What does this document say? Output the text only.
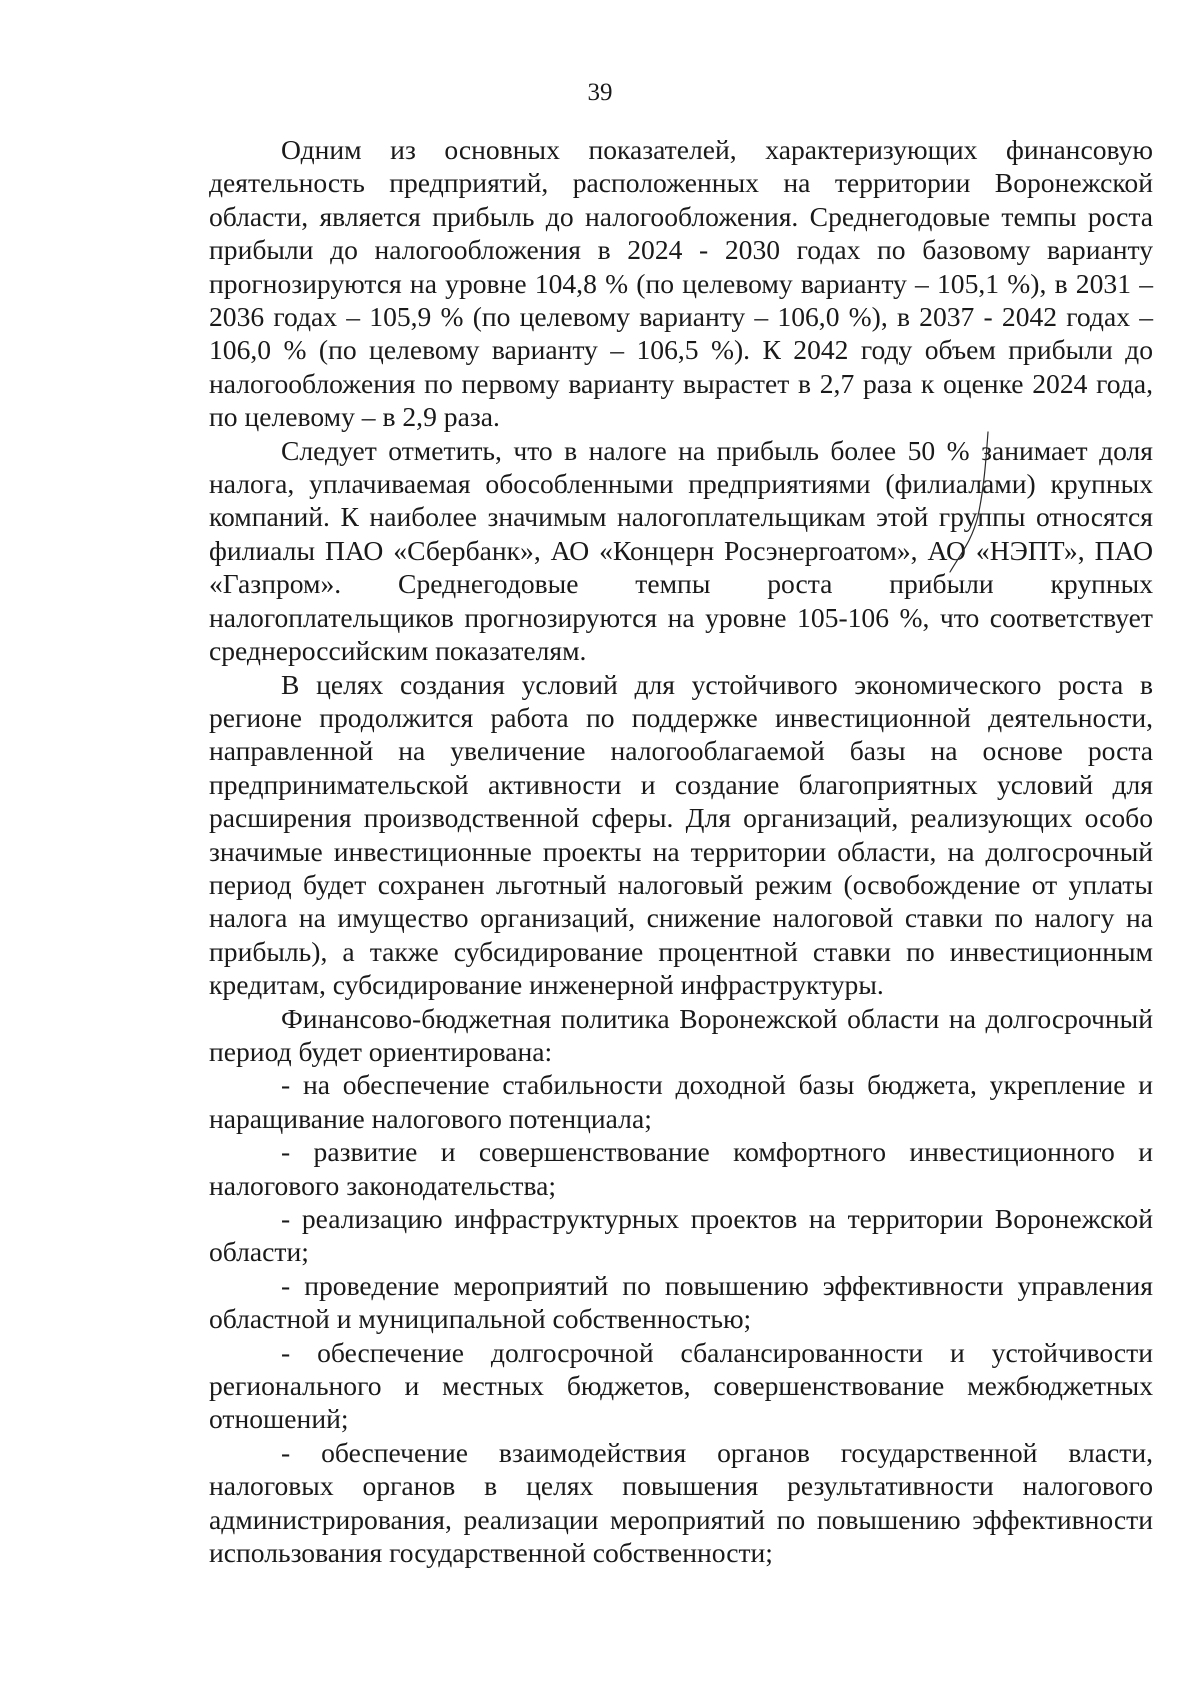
39

Одним из основных показателей, характеризующих финансовую деятельность предприятий, расположенных на территории Воронежской области, является прибыль до налогообложения. Среднегодовые темпы роста прибыли до налогообложения в 2024 - 2030 годах по базовому варианту прогнозируются на уровне 104,8 % (по целевому варианту – 105,1 %), в 2031 – 2036 годах – 105,9 % (по целевому варианту – 106,0 %), в 2037 - 2042 годах – 106,0 % (по целевому варианту – 106,5 %). К 2042 году объем прибыли до налогообложения по первому варианту вырастет в 2,7 раза к оценке 2024 года, по целевому – в 2,9 раза.

Следует отметить, что в налоге на прибыль более 50 % занимает доля налога, уплачиваемая обособленными предприятиями (филиалами) крупных компаний. К наиболее значимым налогоплательщикам этой группы относятся филиалы ПАО «Сбербанк», АО «Концерн Росэнергоатом», АО «НЭПТ», ПАО «Газпром». Среднегодовые темпы роста прибыли крупных налогоплательщиков прогнозируются на уровне 105-106 %, что соответствует среднероссийским показателям.

В целях создания условий для устойчивого экономического роста в регионе продолжится работа по поддержке инвестиционной деятельности, направленной на увеличение налогооблагаемой базы на основе роста предпринимательской активности и создание благоприятных условий для расширения производственной сферы. Для организаций, реализующих особо значимые инвестиционные проекты на территории области, на долгосрочный период будет сохранен льготный налоговый режим (освобождение от уплаты налога на имущество организаций, снижение налоговой ставки по налогу на прибыль), а также субсидирование процентной ставки по инвестиционным кредитам, субсидирование инженерной инфраструктуры.

Финансово-бюджетная политика Воронежской области на долгосрочный период будет ориентирована:

- на обеспечение стабильности доходной базы бюджета, укрепление и наращивание налогового потенциала;

- развитие и совершенствование комфортного инвестиционного и налогового законодательства;

- реализацию инфраструктурных проектов на территории Воронежской области;

- проведение мероприятий по повышению эффективности управления областной и муниципальной собственностью;

- обеспечение долгосрочной сбалансированности и устойчивости регионального и местных бюджетов, совершенствование межбюджетных отношений;

- обеспечение взаимодействия органов государственной власти, налоговых органов в целях повышения результативности налогового администрирования, реализации мероприятий по повышению эффективности использования государственной собственности;
